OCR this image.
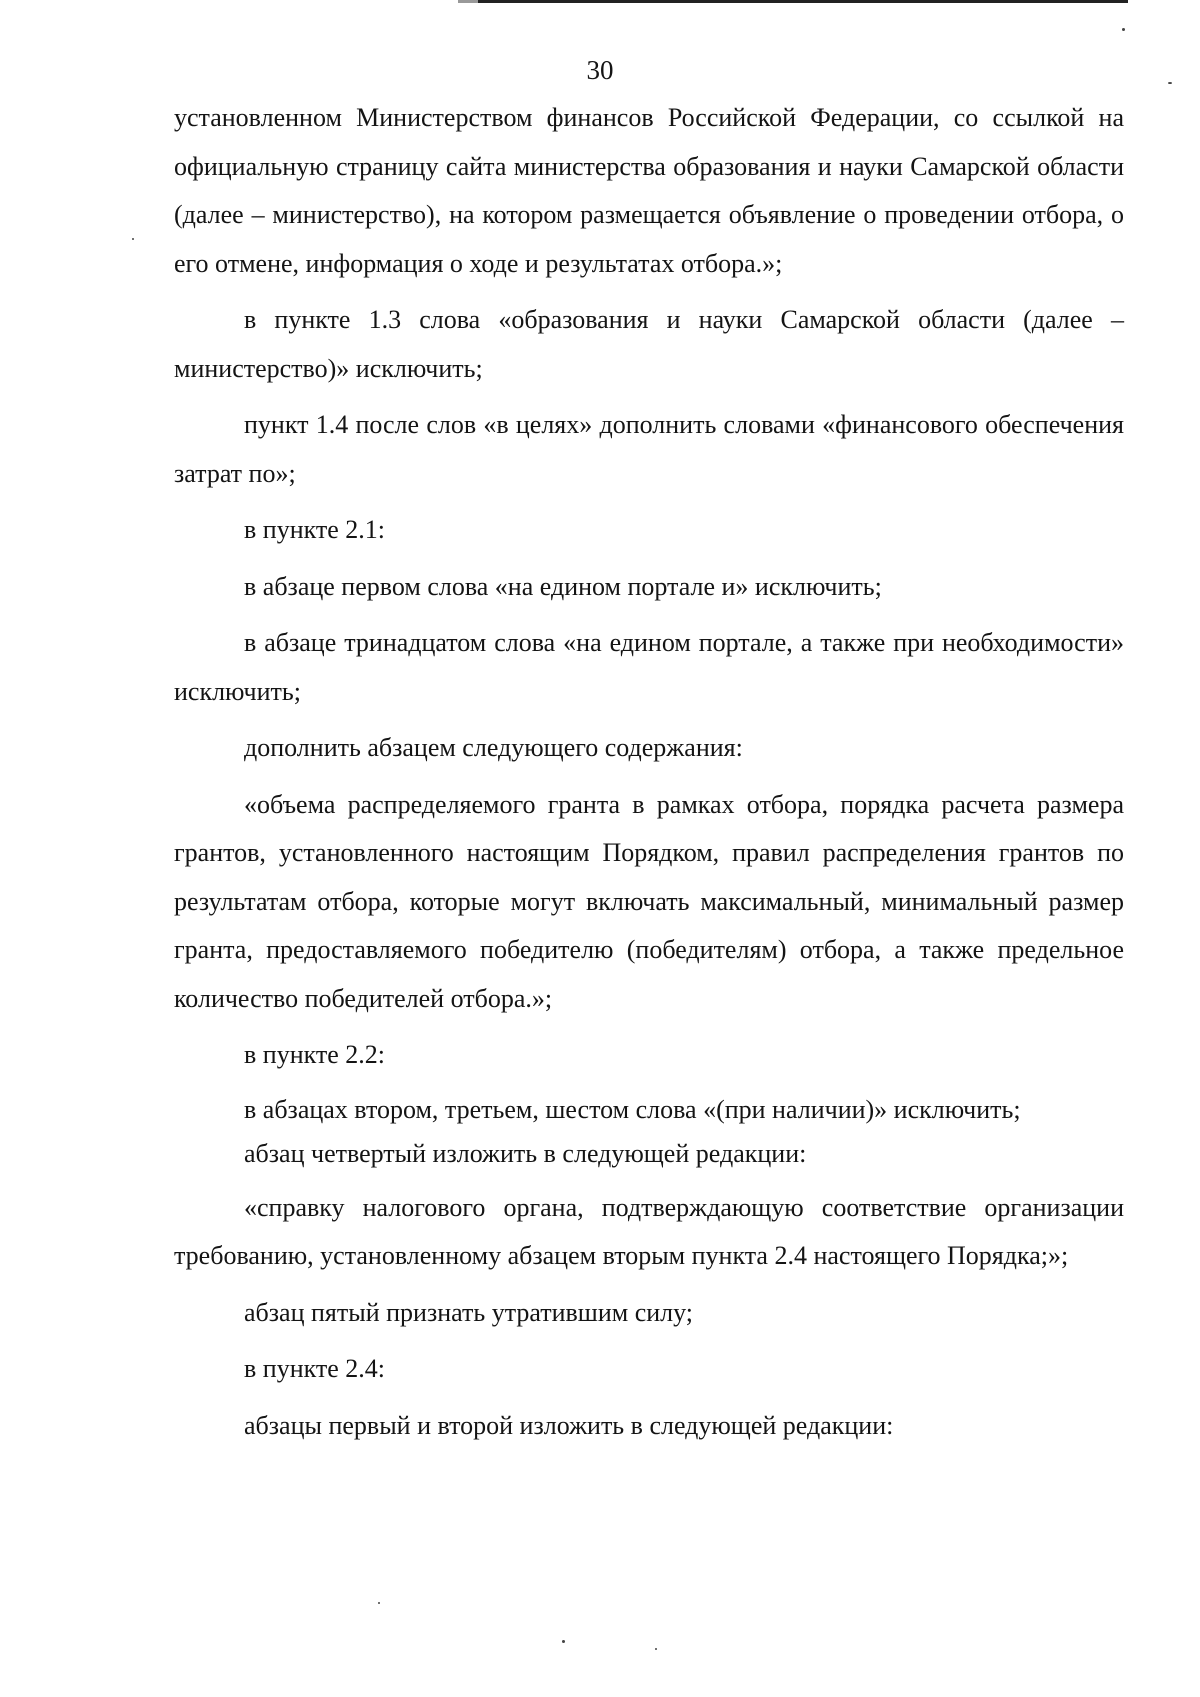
30

установленном Министерством финансов Российской Федерации, со ссылкой на официальную страницу сайта министерства образования и науки Самарской области (далее – министерство), на котором размещается объявление о проведении отбора, о его отмене, информация о ходе и результатах отбора.»;

в пункте 1.3 слова «образования и науки Самарской области (далее – министерство)» исключить;

пункт 1.4 после слов «в целях» дополнить словами «финансового обеспечения затрат по»;

в пункте 2.1:

в абзаце первом слова «на едином портале и» исключить;

в абзаце тринадцатом слова «на едином портале, а также при необходимости» исключить;

дополнить абзацем следующего содержания:

«объема распределяемого гранта в рамках отбора, порядка расчета размера грантов, установленного настоящим Порядком, правил распределения грантов по результатам отбора, которые могут включать максимальный, минимальный размер гранта, предоставляемого победителю (победителям) отбора, а также предельное количество победителей отбора.»;

в пункте 2.2:

в абзацах втором, третьем, шестом слова «(при наличии)» исключить;

абзац четвертый изложить в следующей редакции:

«справку налогового органа, подтверждающую соответствие организации требованию, установленному абзацем вторым пункта 2.4 настоящего Порядка;»;

абзац пятый признать утратившим силу;

в пункте 2.4:

абзацы первый и второй изложить в следующей редакции:
